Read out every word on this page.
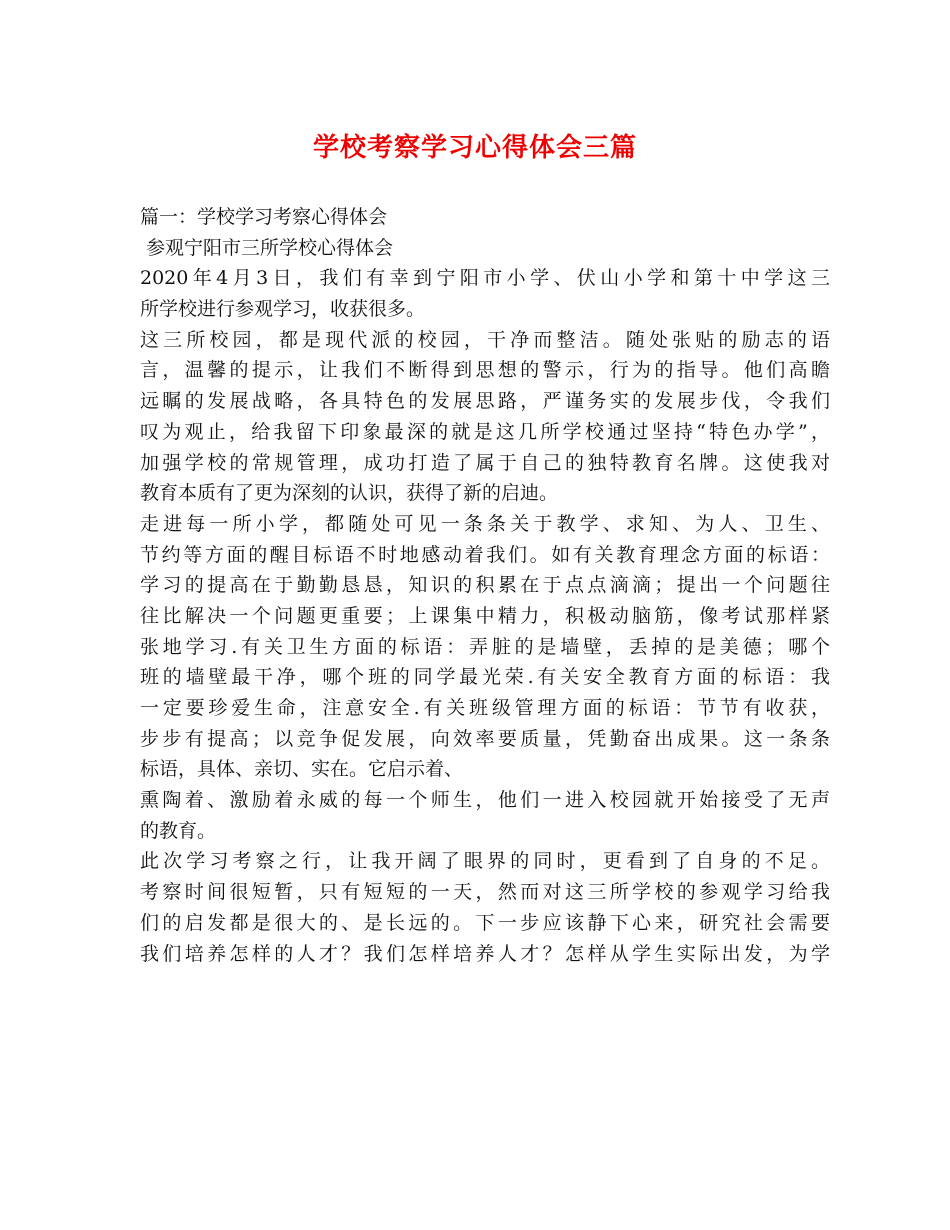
学校考察学习心得体会三篇
篇一：学校学习考察心得体会
参观宁阳市三所学校心得体会
2020年4月3日，我们有幸到宁阳市小学、伏山小学和第十中学这三
所学校进行参观学习，收获很多。
这三所校园，都是现代派的校园，干净而整洁。随处张贴的励志的语
言，温馨的提示，让我们不断得到思想的警示，行为的指导。他们高瞻
远瞩的发展战略，各具特色的发展思路，严谨务实的发展步伐，令我们
叹为观止，给我留下印象最深的就是这几所学校通过坚持“特色办学”，
加强学校的常规管理，成功打造了属于自己的独特教育名牌。这使我对
教育本质有了更为深刻的认识，获得了新的启迪。
走进每一所小学，都随处可见一条条关于教学、求知、为人、卫生、
节约等方面的醒目标语不时地感动着我们。如有关教育理念方面的标语：
学习的提高在于勤勤恳恳，知识的积累在于点点滴滴；提出一个问题往
往比解决一个问题更重要；上课集中精力，积极动脑筋，像考试那样紧
张地学习.有关卫生方面的标语：弄脏的是墙壁，丢掉的是美德；哪个
班的墙壁最干净，哪个班的同学最光荣.有关安全教育方面的标语：我
一定要珍爱生命，注意安全.有关班级管理方面的标语：节节有收获，
步步有提高；以竞争促发展，向效率要质量，凭勤奋出成果。这一条条
标语，具体、亲切、实在。它启示着、
熏陶着、激励着永威的每一个师生，他们一进入校园就开始接受了无声
的教育。
此次学习考察之行，让我开阔了眼界的同时，更看到了自身的不足。
考察时间很短暂，只有短短的一天，然而对这三所学校的参观学习给我
们的启发都是很大的、是长远的。下一步应该静下心来，研究社会需要
我们培养怎样的人才？我们怎样培养人才？怎样从学生实际出发，为学
